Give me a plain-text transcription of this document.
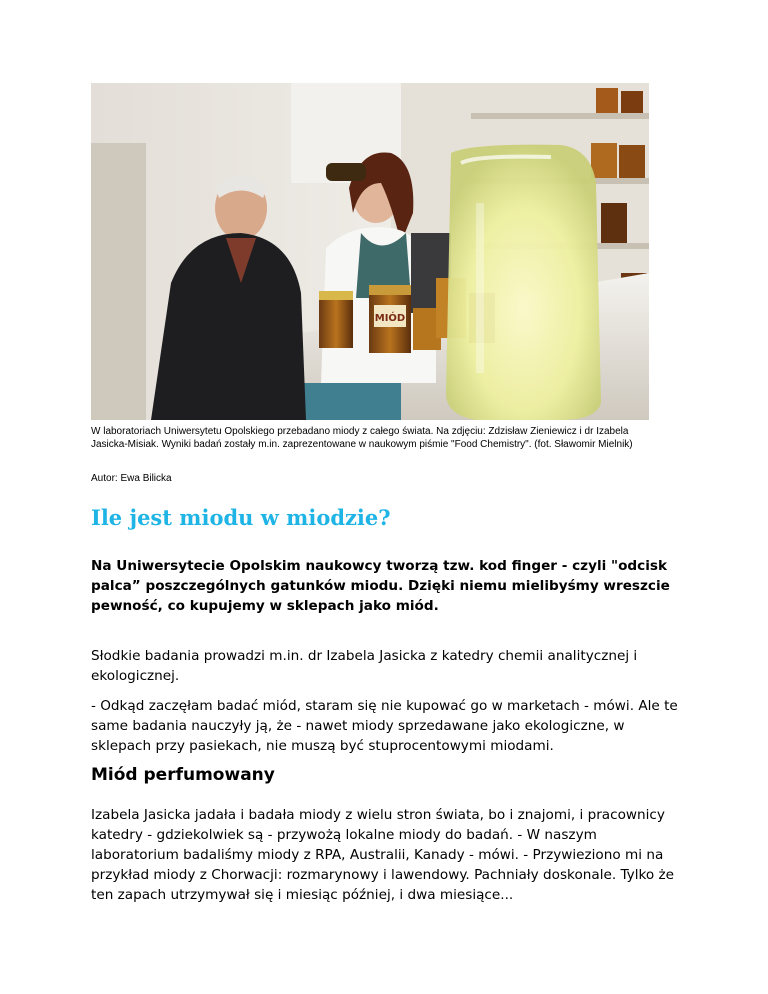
MIÓD

W laboratoriach Uniwersytetu Opolskiego przebadano miody z całego świata. Na zdjęciu: Zdzisław Zieniewicz i dr Izabela Jasicka-Misiak. Wyniki badań zostały m.in. zaprezentowane w naukowym piśmie "Food Chemistry". (fot. Sławomir Mielnik)

Autor: Ewa Bilicka

Ile jest miodu w miodzie?

Na Uniwersytecie Opolskim naukowcy tworzą tzw. kod finger - czyli "odcisk palca” poszczególnych gatunków miodu. Dzięki niemu mielibyśmy wreszcie pewność, co kupujemy w sklepach jako miód.

Słodkie badania prowadzi m.in. dr Izabela Jasicka z katedry chemii analitycznej i ekologicznej.

- Odkąd zaczęłam badać miód, staram się nie kupować go w marketach - mówi. Ale te same badania nauczyły ją, że - nawet miody sprzedawane jako ekologiczne, w sklepach przy pasiekach, nie muszą być stuprocentowymi miodami.

Miód perfumowany

Izabela Jasicka jadała i badała miody z wielu stron świata, bo i znajomi, i pracownicy katedry - gdziekolwiek są - przywożą lokalne miody do badań. - W naszym laboratorium badaliśmy miody z RPA, Australii, Kanady - mówi. - Przywieziono mi na przykład miody z Chorwacji: rozmarynowy i lawendowy. Pachniały doskonale. Tylko że ten zapach utrzymywał się i miesiąc później, i dwa miesiące...
